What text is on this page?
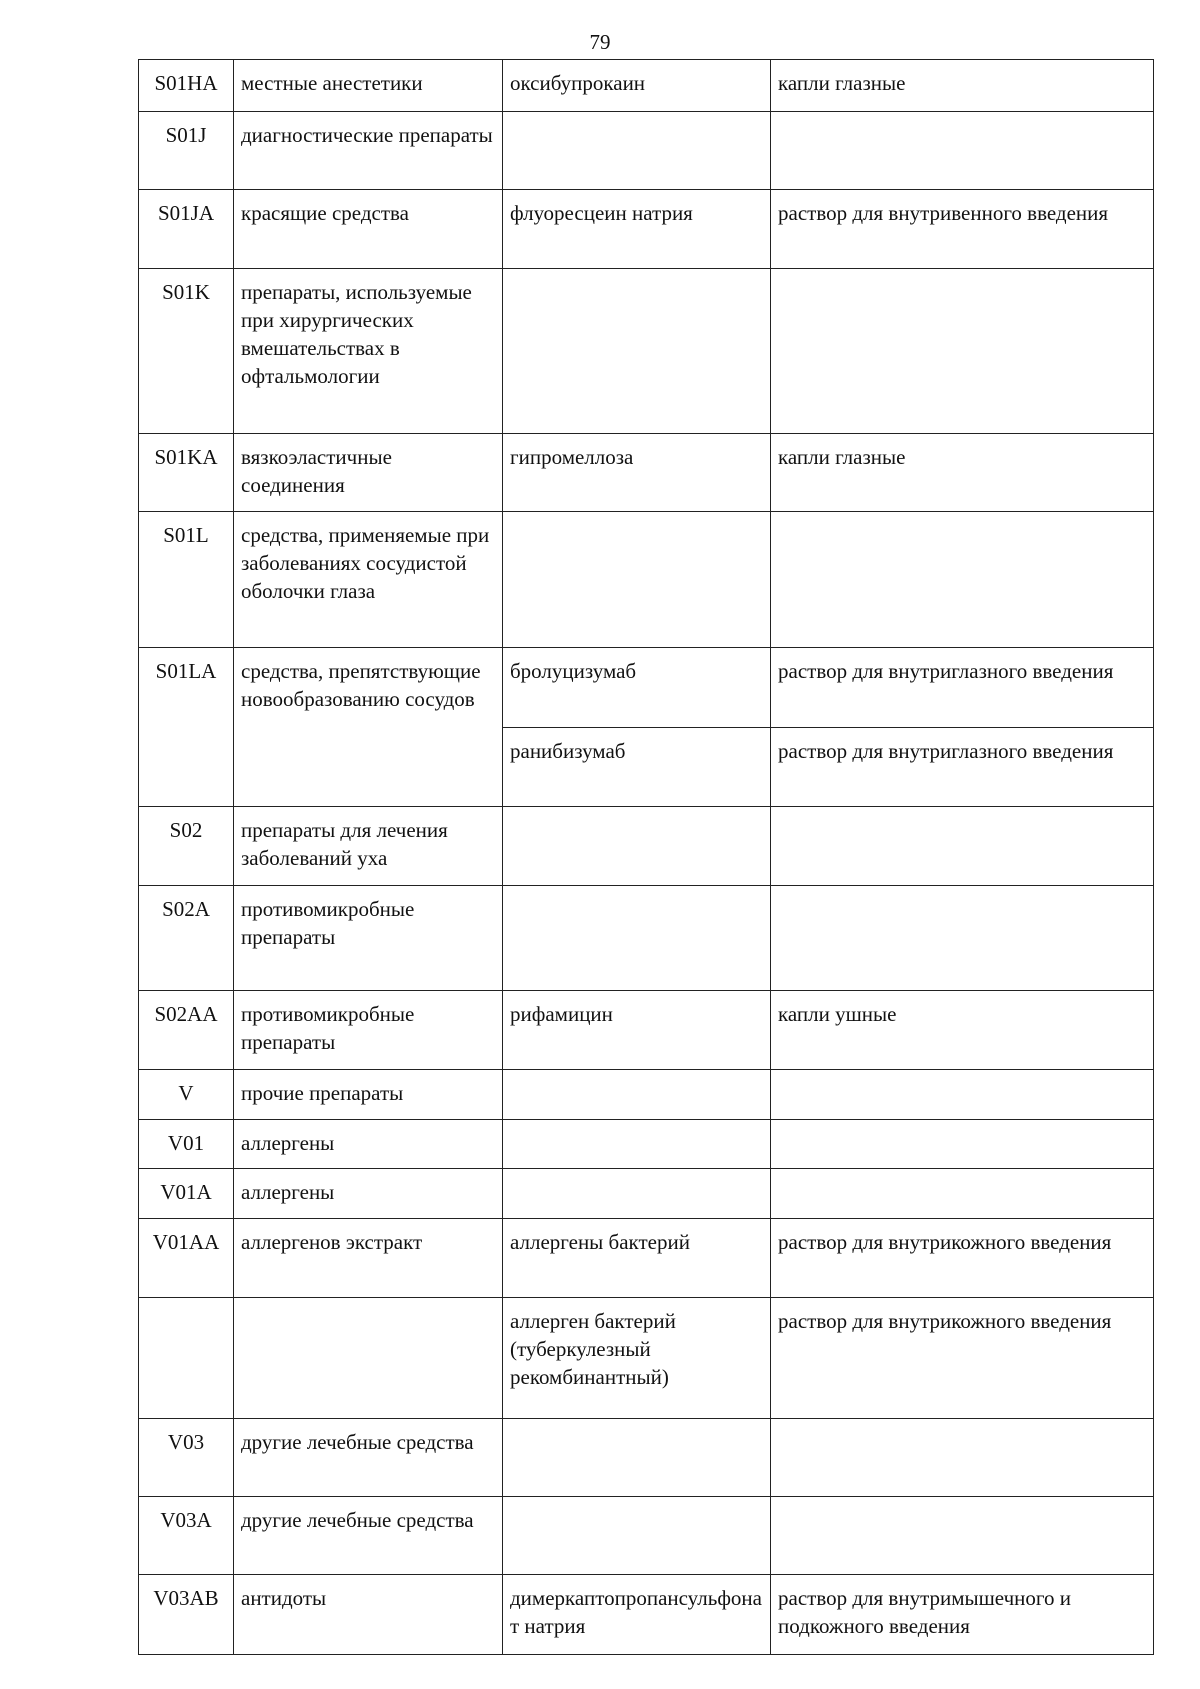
79
S01HA	местные анестетики	оксибупрокаин	капли глазные
S01J	диагностические препараты		
S01JA	красящие средства	флуоресцеин натрия	раствор для внутривенного введения
S01K	препараты, используемые при хирургических вмешательствах в офтальмологии		
S01KA	вязкоэластичные соединения	гипромеллоза	капли глазные
S01L	средства, применяемые при заболеваниях сосудистой оболочки глаза		
S01LA	средства, препятствующие новообразованию сосудов	бролуцизумаб	раствор для внутриглазного введения
		ранибизумаб	раствор для внутриглазного введения
S02	препараты для лечения заболеваний уха		
S02A	противомикробные препараты		
S02AA	противомикробные препараты	рифамицин	капли ушные
V	прочие препараты		
V01	аллергены		
V01A	аллергены		
V01AA	аллергенов экстракт	аллергены бактерий	раствор для внутрикожного введения
		аллерген бактерий (туберкулезный рекомбинантный)	раствор для внутрикожного введения
V03	другие лечебные средства		
V03A	другие лечебные средства		
V03AB	антидоты	димеркаптопропансульфонат натрия	раствор для внутримышечного и подкожного введения
